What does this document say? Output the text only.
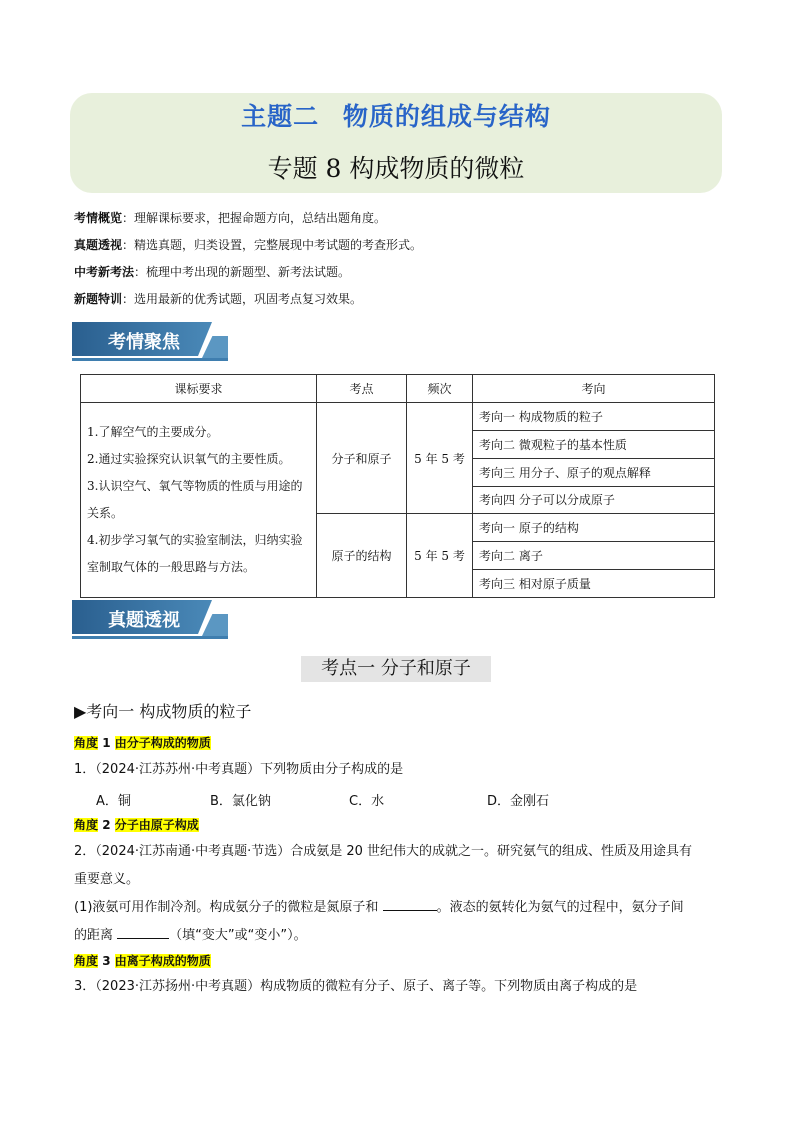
主题二 物质的组成与结构
专题 8 构成物质的微粒
考情概览：理解课标要求，把握命题方向，总结出题角度。
真题透视：精选真题，归类设置，完整展现中考试题的考查形式。
中考新考法：梳理中考出现的新题型、新考法试题。
新题特训：选用最新的优秀试题，巩固考点复习效果。
考情聚焦
课标要求	考点	频次	考向

1.了解空气的主要成分。
2.通过实验探究认识氧气的主要性质。
3.认识空气、氧气等物质的性质与用途的关系。
4.初步学习氧气的实验室制法，归纳实验室制取气体的一般思路与方法。	分子和原子	5 年 5 考	考向一 构成物质的粒子
			考向二 微观粒子的基本性质
			考向三 用分子、原子的观点解释
			考向四 分子可以分成原子
	原子的结构	5 年 5 考	考向一 原子的结构
			考向二 离子
			考向三 相对原子质量
真题透视
考点一 分子和原子
▶考向一 构成物质的粒子
角度 1 由分子构成的物质
1．（2024·江苏苏州·中考真题）下列物质由分子构成的是
A．铜	B．氯化钠	C．水	D．金刚石
角度 2 分子由原子构成
2．（2024·江苏南通·中考真题·节选）合成氨是 20 世纪伟大的成就之一。研究氨气的组成、性质及用途具有
重要意义。
(1)液氨可用作制冷剂。构成氨分子的微粒是氮原子和	。液态的氨转化为氨气的过程中，氨分子间
的距离	（填“变大”或“变小”）。
角度 3 由离子构成的物质
3．（2023·江苏扬州·中考真题）构成物质的微粒有分子、原子、离子等。下列物质由离子构成的是
